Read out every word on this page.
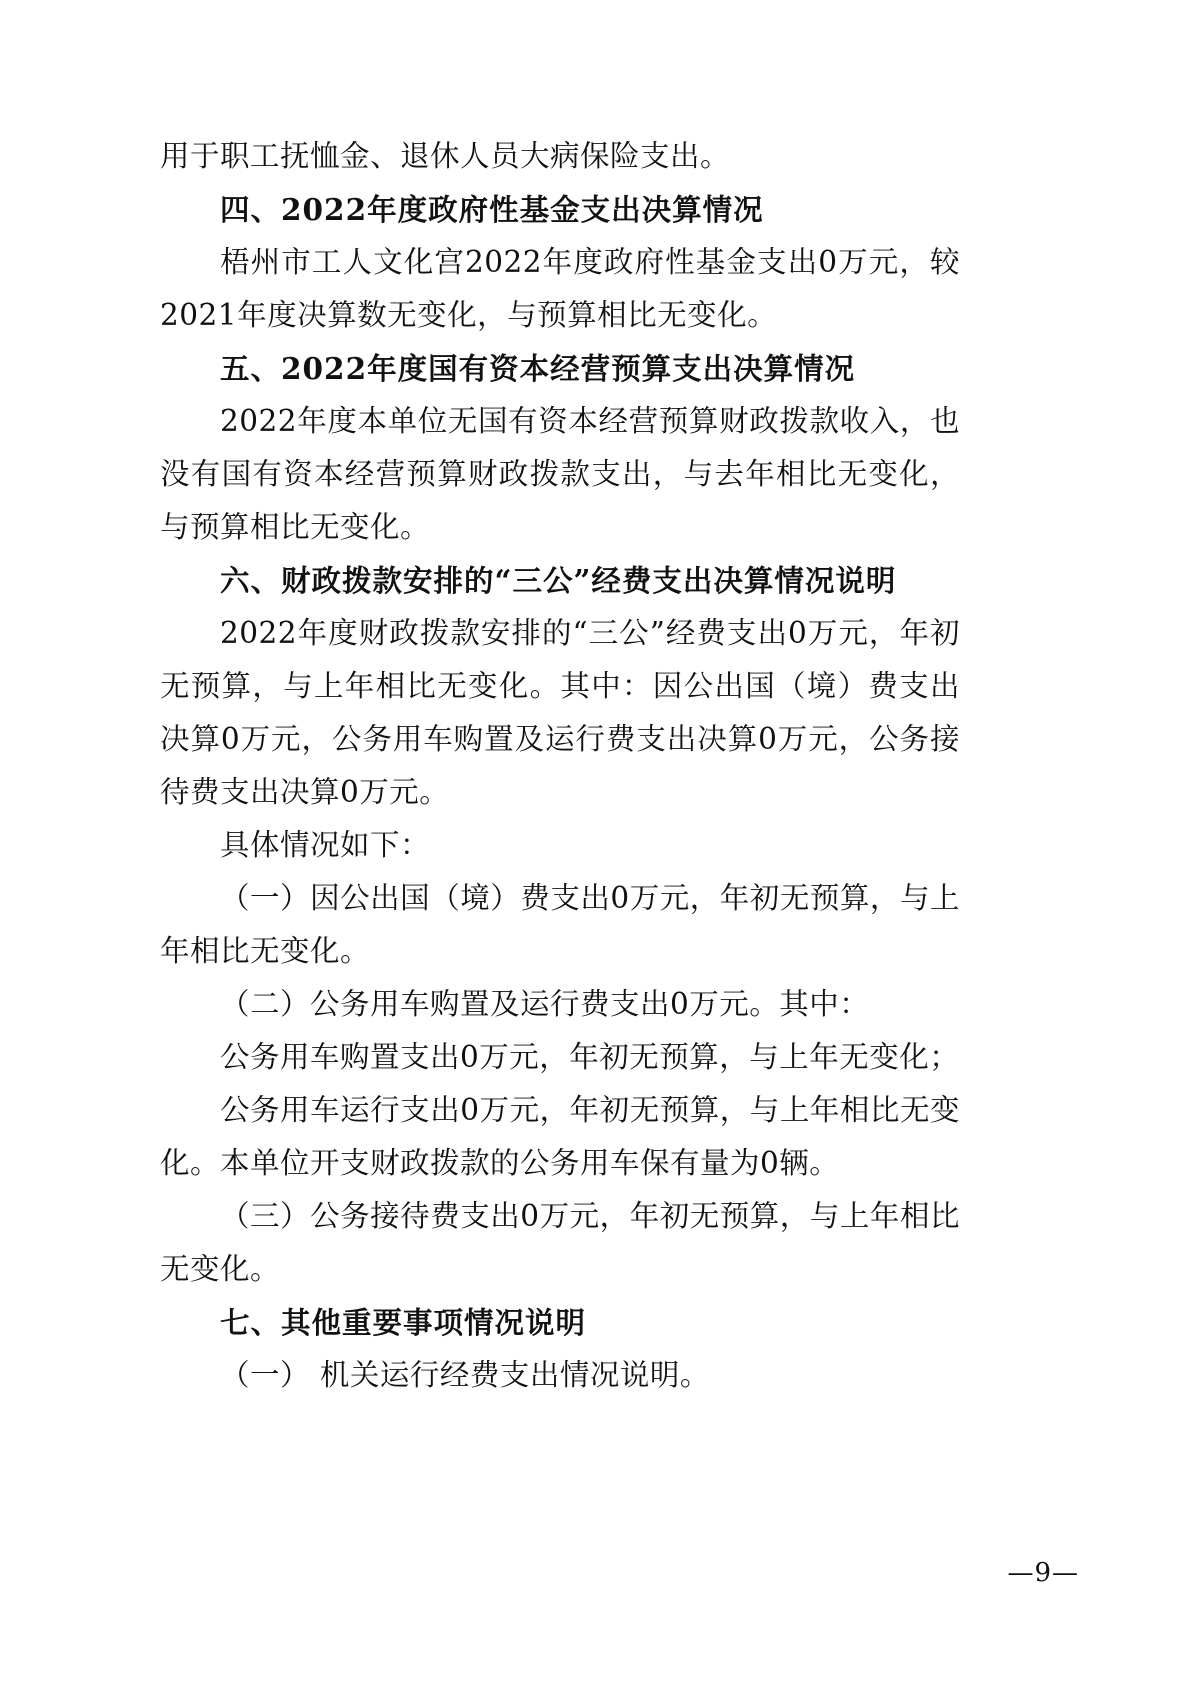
用于职工抚恤金、退休人员大病保险支出。

四、2022年度政府性基金支出决算情况

梧州市工人文化宫2022年度政府性基金支出0万元，较2021年度决算数无变化，与预算相比无变化。

五、2022年度国有资本经营预算支出决算情况

2022年度本单位无国有资本经营预算财政拨款收入，也没有国有资本经营预算财政拨款支出，与去年相比无变化，与预算相比无变化。

六、财政拨款安排的“三公”经费支出决算情况说明

2022年度财政拨款安排的“三公”经费支出0万元，年初无预算，与上年相比无变化。其中：因公出国（境）费支出决算0万元，公务用车购置及运行费支出决算0万元，公务接待费支出决算0万元。

具体情况如下：

（一）因公出国（境）费支出0万元，年初无预算，与上年相比无变化。

（二）公务用车购置及运行费支出0万元。其中：

公务用车购置支出0万元，年初无预算，与上年无变化；

公务用车运行支出0万元，年初无预算，与上年相比无变化。本单位开支财政拨款的公务用车保有量为0辆。

（三）公务接待费支出0万元，年初无预算，与上年相比无变化。

七、其他重要事项情况说明

（一） 机关运行经费支出情况说明。

—9—
